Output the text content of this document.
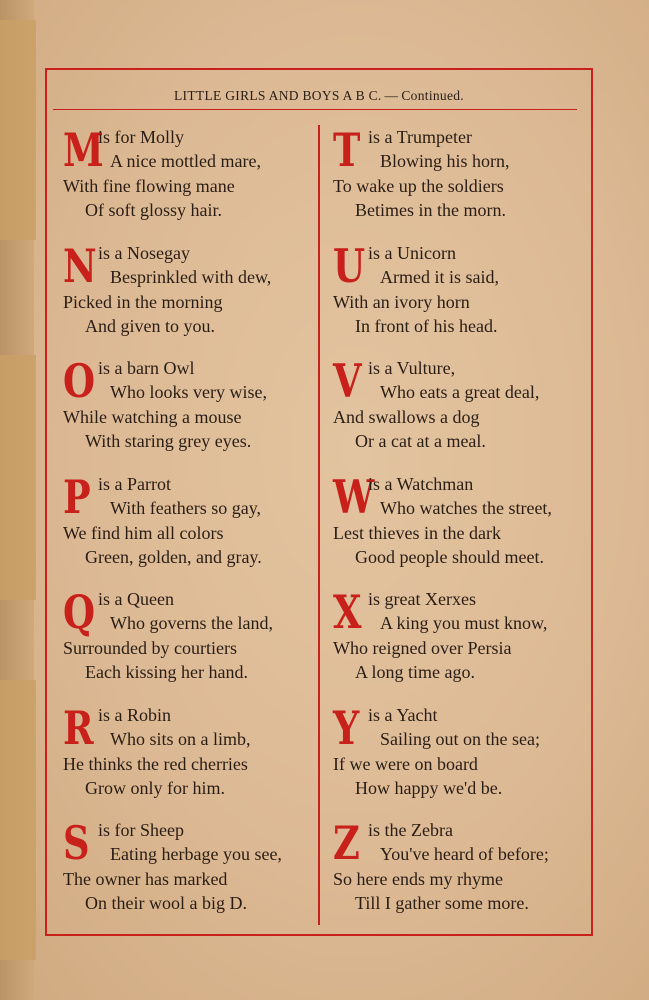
LITTLE GIRLS AND BOYS A B C. — Continued.
M
is for Molly
A nice mottled mare,
With fine flowing mane
Of soft glossy hair.
N is a Nosegay
Besprinkled with dew,
Picked in the morning
And given to you.
O is a barn Owl
Who looks very wise,
While watching a mouse
With staring grey eyes.
P is a Parrot
With feathers so gay,
We find him all colors
Green, golden, and gray.
Q is a Queen
Who governs the land,
Surrounded by courtiers
Each kissing her hand.
R is a Robin
Who sits on a limb,
He thinks the red cherries
Grow only for him.
S is for Sheep
Eating herbage you see,
The owner has marked
On their wool a big D.
T is a Trumpeter
Blowing his horn,
To wake up the soldiers
Betimes in the morn.
U is a Unicorn
Armed it is said,
With an ivory horn
In front of his head.
V is a Vulture,
Who eats a great deal,
And swallows a dog
Or a cat at a meal.
W
is a Watchman
Who watches the street,
Lest thieves in the dark
Good people should meet.
X is great Xerxes
A king you must know,
Who reigned over Persia
A long time ago.
Y is a Yacht
Sailing out on the sea;
If we were on board
How happy we'd be.
Z is the Zebra
You've heard of before;
So here ends my rhyme
Till I gather some more.
